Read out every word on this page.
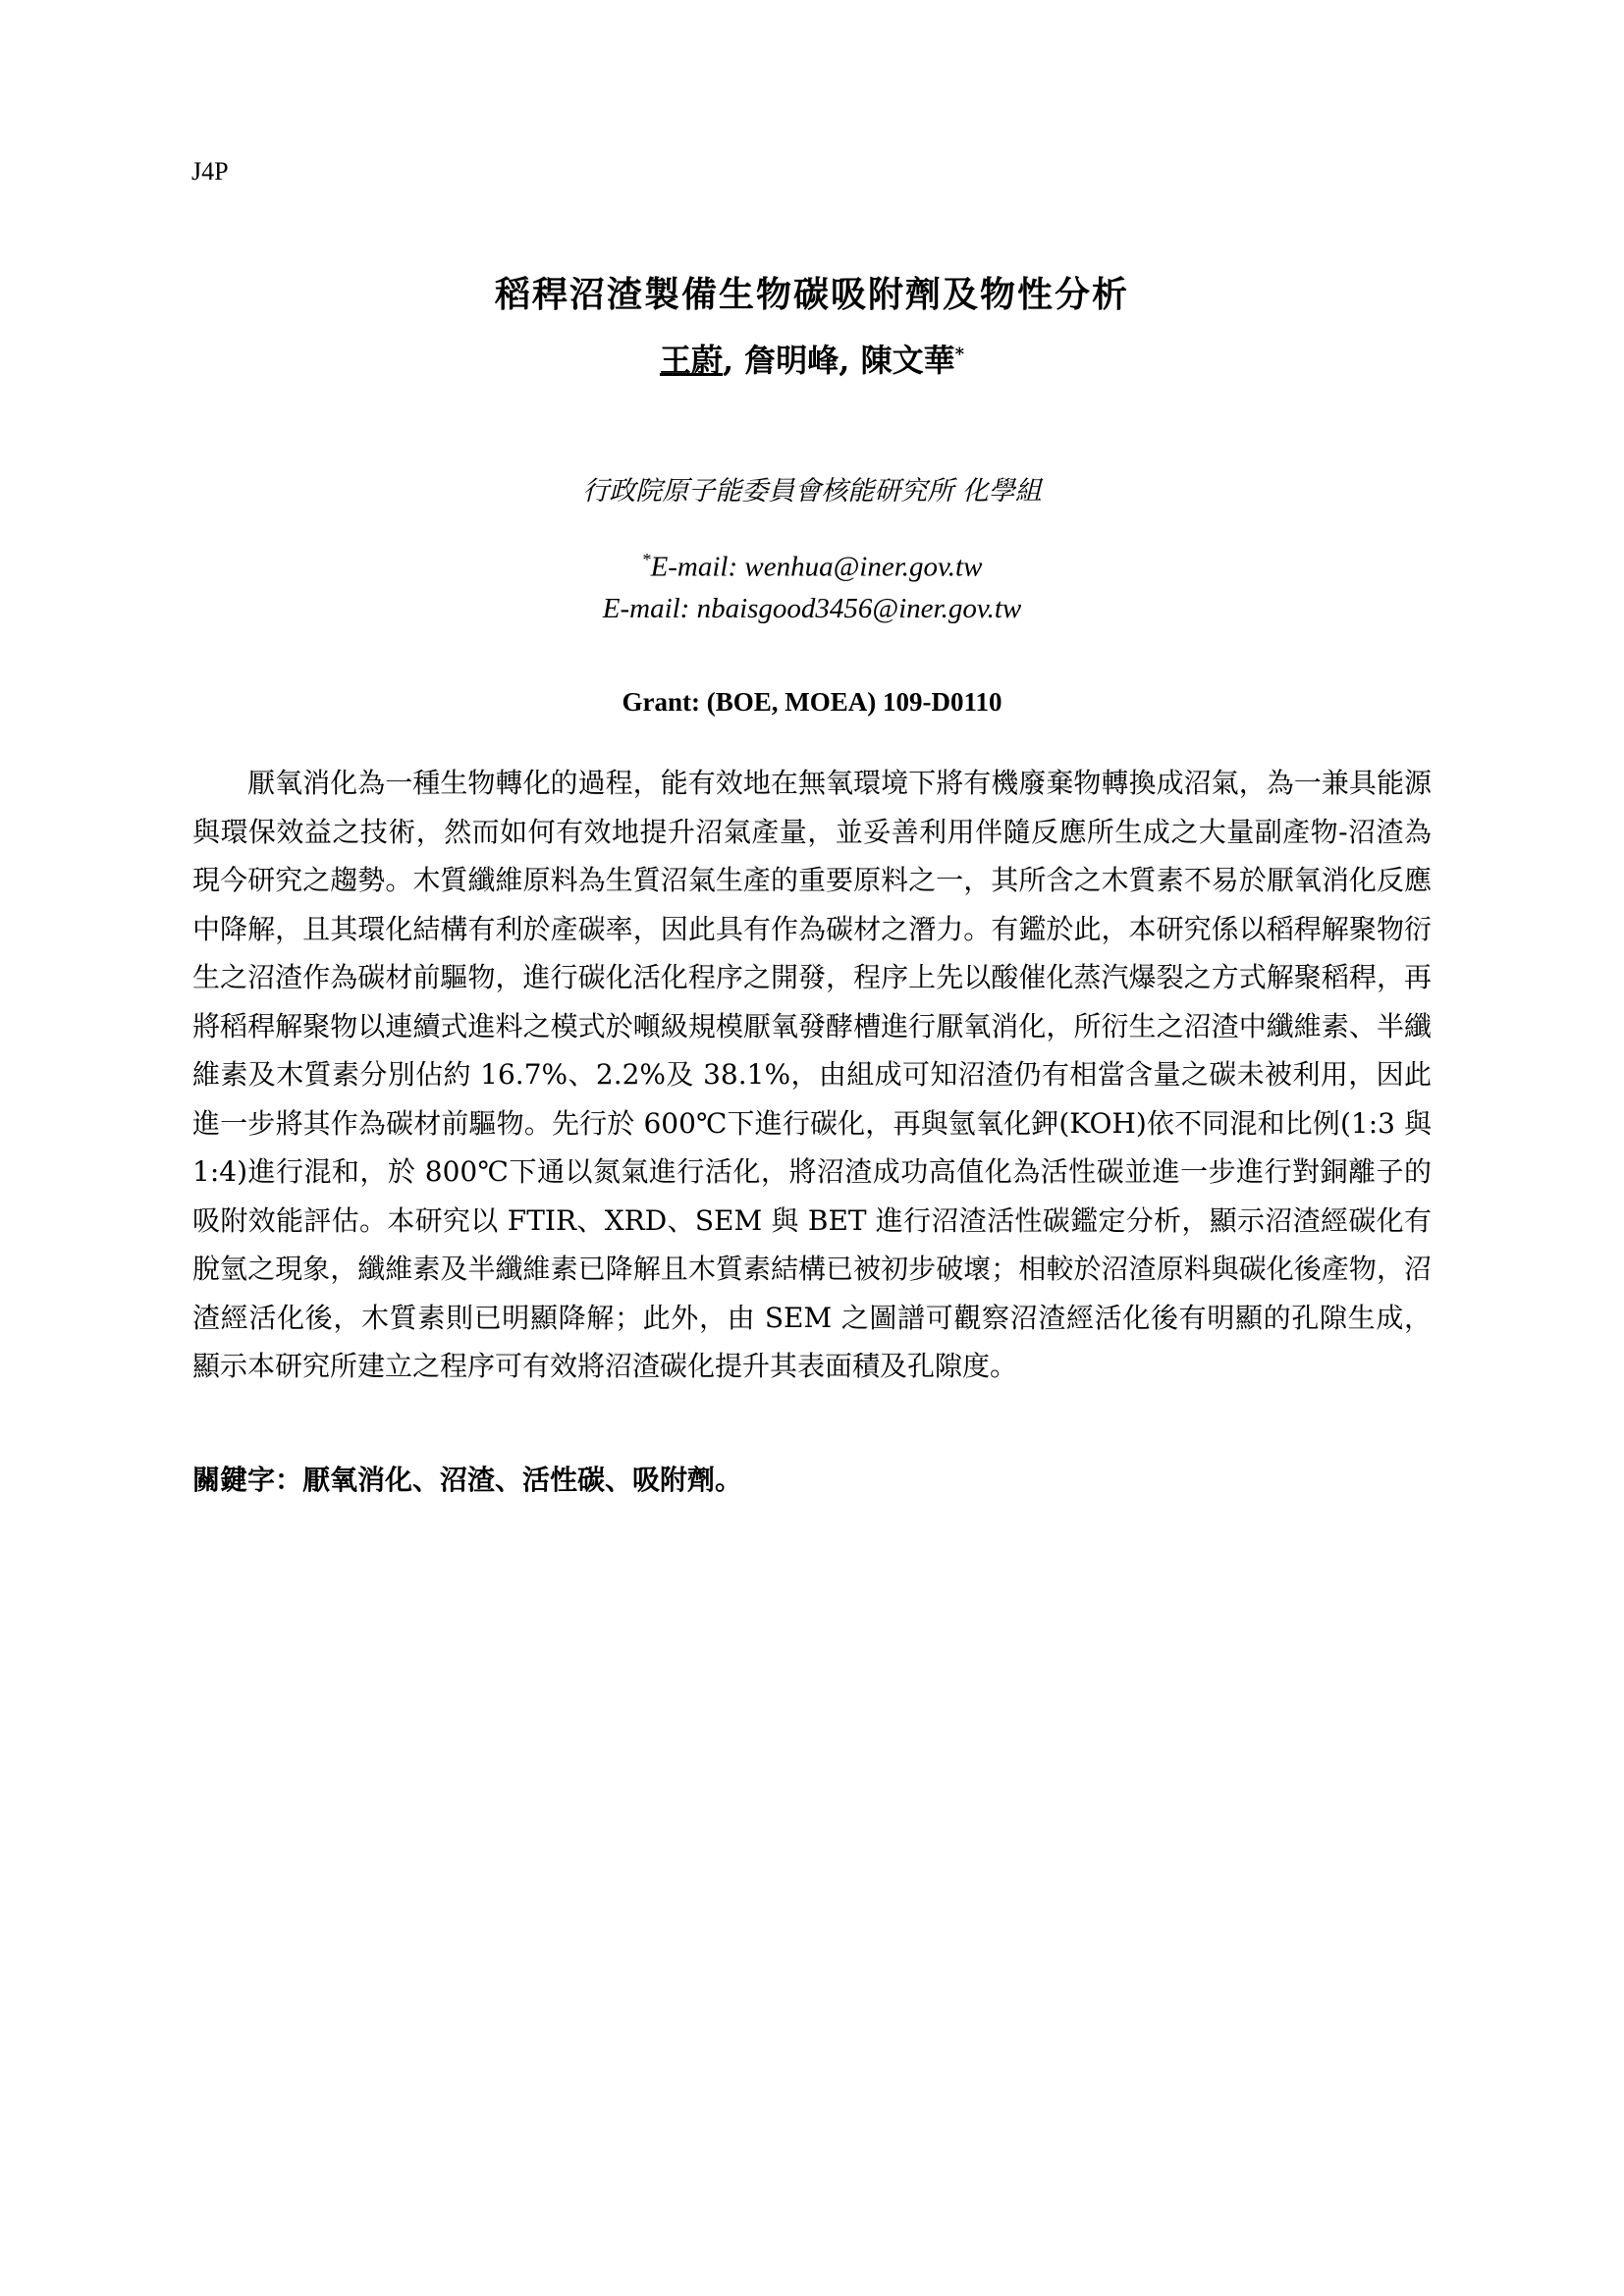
J4P
稻稈沼渣製備生物碳吸附劑及物性分析
王蔚, 詹明峰, 陳文華*
行政院原子能委員會核能研究所 化學組
*E-mail: wenhua@iner.gov.tw
E-mail: nbaisgood3456@iner.gov.tw
Grant: (BOE, MOEA) 109-D0110

厭氧消化為一種生物轉化的過程，能有效地在無氧環境下將有機廢棄物轉換成沼氣，為一兼具能源與環保效益之技術，然而如何有效地提升沼氣產量，並妥善利用伴隨反應所生成之大量副產物-沼渣為現今研究之趨勢。木質纖維原料為生質沼氣生產的重要原料之一，其所含之木質素不易於厭氧消化反應中降解，且其環化結構有利於產碳率，因此具有作為碳材之潛力。有鑑於此，本研究係以稻稈解聚物衍生之沼渣作為碳材前驅物，進行碳化活化程序之開發，程序上先以酸催化蒸汽爆裂之方式解聚稻稈，再將稻稈解聚物以連續式進料之模式於噸級規模厭氧發酵槽進行厭氧消化，所衍生之沼渣中纖維素、半纖維素及木質素分別佔約 16.7%、2.2%及 38.1%，由組成可知沼渣仍有相當含量之碳未被利用，因此進一步將其作為碳材前驅物。先行於 600℃下進行碳化，再與氫氧化鉀(KOH)依不同混和比例(1:3 與 1:4)進行混和，於 800℃下通以氮氣進行活化，將沼渣成功高值化為活性碳並進一步進行對銅離子的吸附效能評估。本研究以 FTIR、XRD、SEM 與 BET 進行沼渣活性碳鑑定分析，顯示沼渣經碳化有脫氫之現象，纖維素及半纖維素已降解且木質素結構已被初步破壞；相較於沼渣原料與碳化後產物，沼渣經活化後，木質素則已明顯降解；此外，由 SEM 之圖譜可觀察沼渣經活化後有明顯的孔隙生成，顯示本研究所建立之程序可有效將沼渣碳化提升其表面積及孔隙度。

關鍵字：厭氧消化、沼渣、活性碳、吸附劑。
